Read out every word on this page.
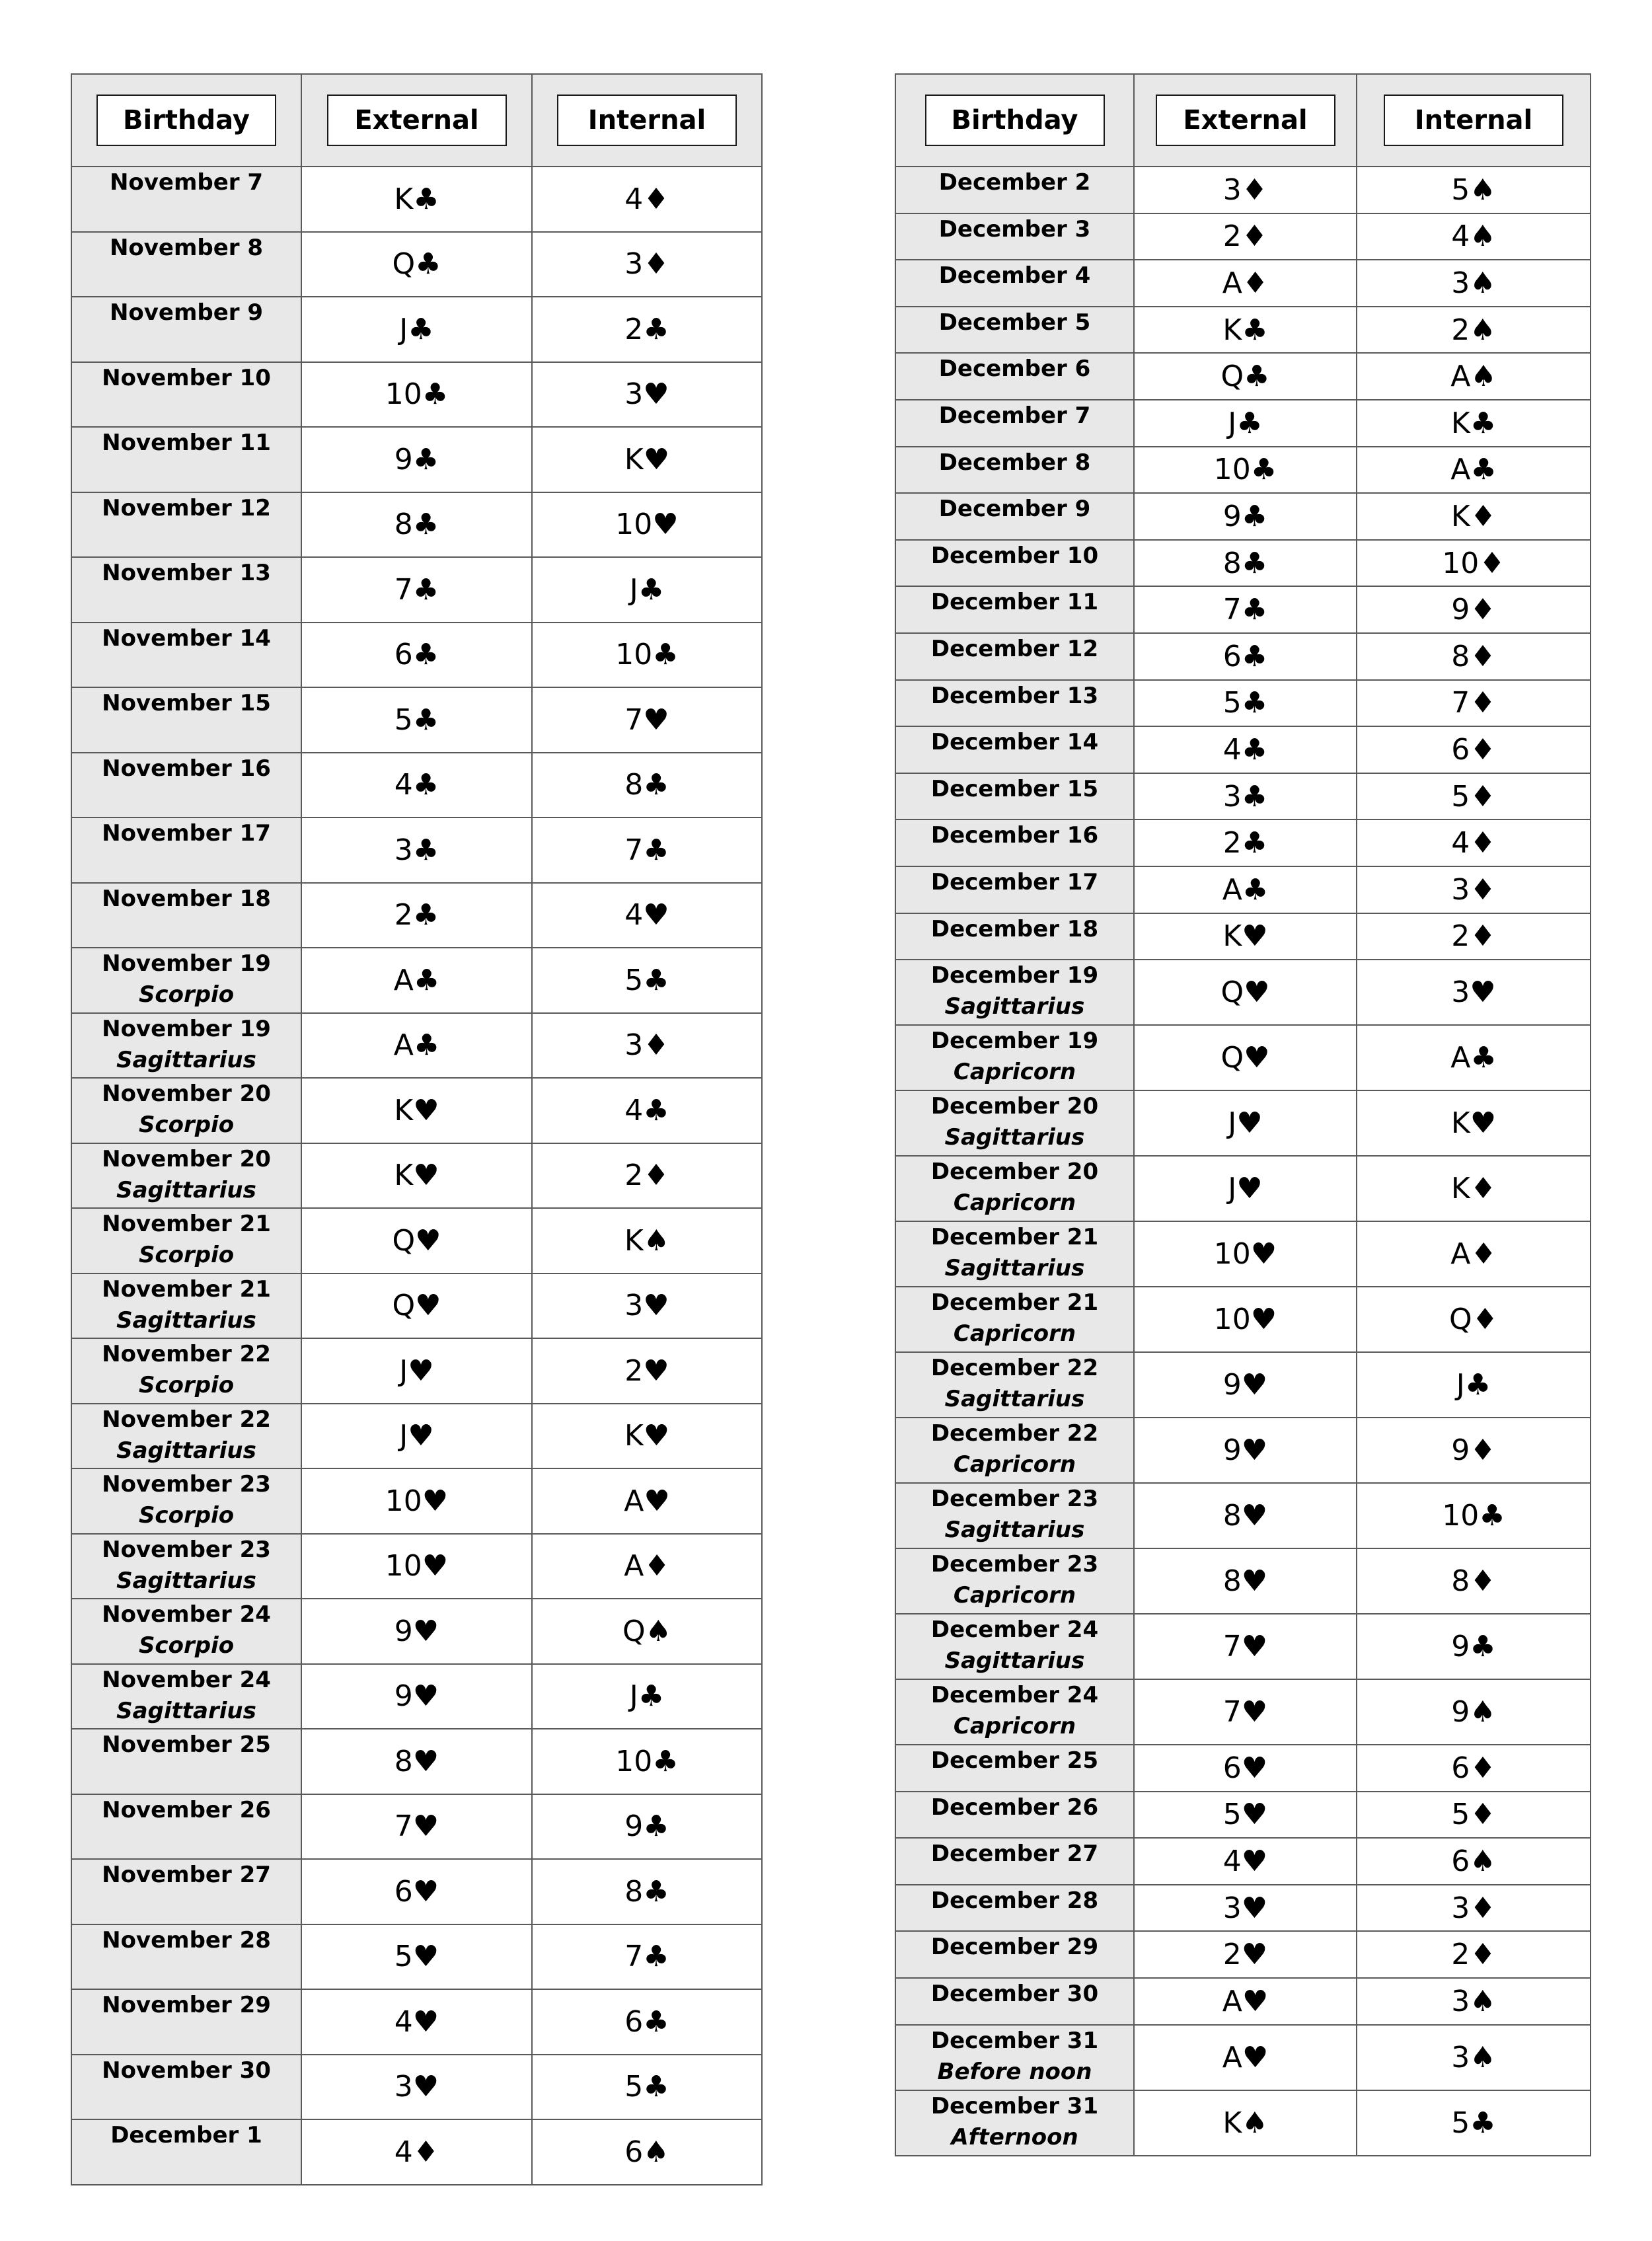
Birthday	External	Internal
November 7	K♣	4♦
November 8	Q♣	3♦
November 9	J♣	2♣
November 10	10♣	3♥
November 11	9♣	K♥
November 12	8♣	10♥
November 13	7♣	J♣
November 14	6♣	10♣
November 15	5♣	7♥
November 16	4♣	8♣
November 17	3♣	7♣
November 18	2♣	4♥
November 19
Scorpio	A♣	5♣
November 19
Sagittarius	A♣	3♦
November 20
Scorpio	K♥	4♣
November 20
Sagittarius	K♥	2♦
November 21
Scorpio	Q♥	K♠
November 21
Sagittarius	Q♥	3♥
November 22
Scorpio	J♥	2♥
November 22
Sagittarius	J♥	K♥
November 23
Scorpio	10♥	A♥
November 23
Sagittarius	10♥	A♦
November 24
Scorpio	9♥	Q♠
November 24
Sagittarius	9♥	J♣
November 25	8♥	10♣
November 26	7♥	9♣
November 27	6♥	8♣
November 28	5♥	7♣
November 29	4♥	6♣
November 30	3♥	5♣
December 1	4♦	6♠
Birthday	External	Internal
December 2	3♦	5♠
December 3	2♦	4♠
December 4	A♦	3♠
December 5	K♣	2♠
December 6	Q♣	A♠
December 7	J♣	K♣
December 8	10♣	A♣
December 9	9♣	K♦
December 10	8♣	10♦
December 11	7♣	9♦
December 12	6♣	8♦
December 13	5♣	7♦
December 14	4♣	6♦
December 15	3♣	5♦
December 16	2♣	4♦
December 17	A♣	3♦
December 18	K♥	2♦
December 19
Sagittarius	Q♥	3♥
December 19
Capricorn	Q♥	A♣
December 20
Sagittarius	J♥	K♥
December 20
Capricorn	J♥	K♦
December 21
Sagittarius	10♥	A♦
December 21
Capricorn	10♥	Q♦
December 22
Sagittarius	9♥	J♣
December 22
Capricorn	9♥	9♦
December 23
Sagittarius	8♥	10♣
December 23
Capricorn	8♥	8♦
December 24
Sagittarius	7♥	9♣
December 24
Capricorn	7♥	9♠
December 25	6♥	6♦
December 26	5♥	5♦
December 27	4♥	6♠
December 28	3♥	3♦
December 29	2♥	2♦
December 30	A♥	3♠
December 31
Before noon	A♥	3♠
December 31
Afternoon	K♠	5♣
